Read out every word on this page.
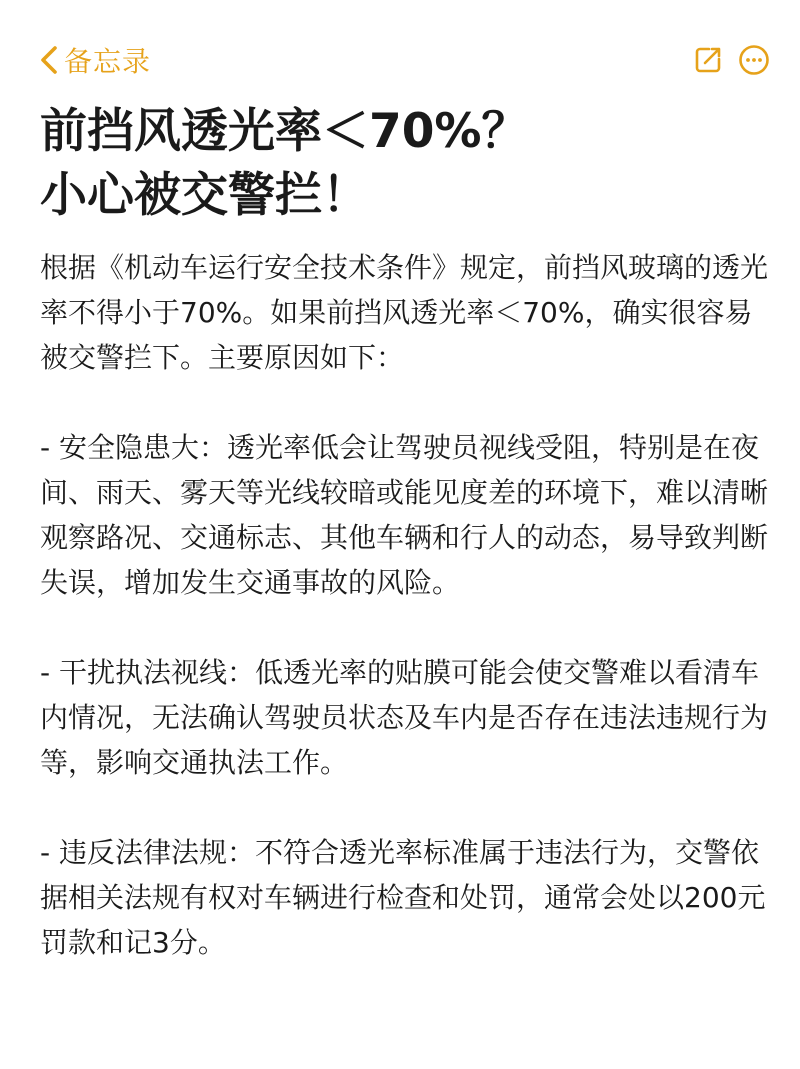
备忘录
前挡风透光率＜70%？
小心被交警拦！

根据《机动车运行安全技术条件》规定，前挡风玻璃的透光率不得小于70%。如果前挡风透光率＜70%，确实很容易被交警拦下。主要原因如下：

- 安全隐患大：透光率低会让驾驶员视线受阻，特别是在夜间、雨天、雾天等光线较暗或能见度差的环境下，难以清晰观察路况、交通标志、其他车辆和行人的动态，易导致判断失误，增加发生交通事故的风险。

- 干扰执法视线：低透光率的贴膜可能会使交警难以看清车内情况，无法确认驾驶员状态及车内是否存在违法违规行为等，影响交通执法工作。

- 违反法律法规：不符合透光率标准属于违法行为，交警依据相关法规有权对车辆进行检查和处罚，通常会处以200元罚款和记3分。
